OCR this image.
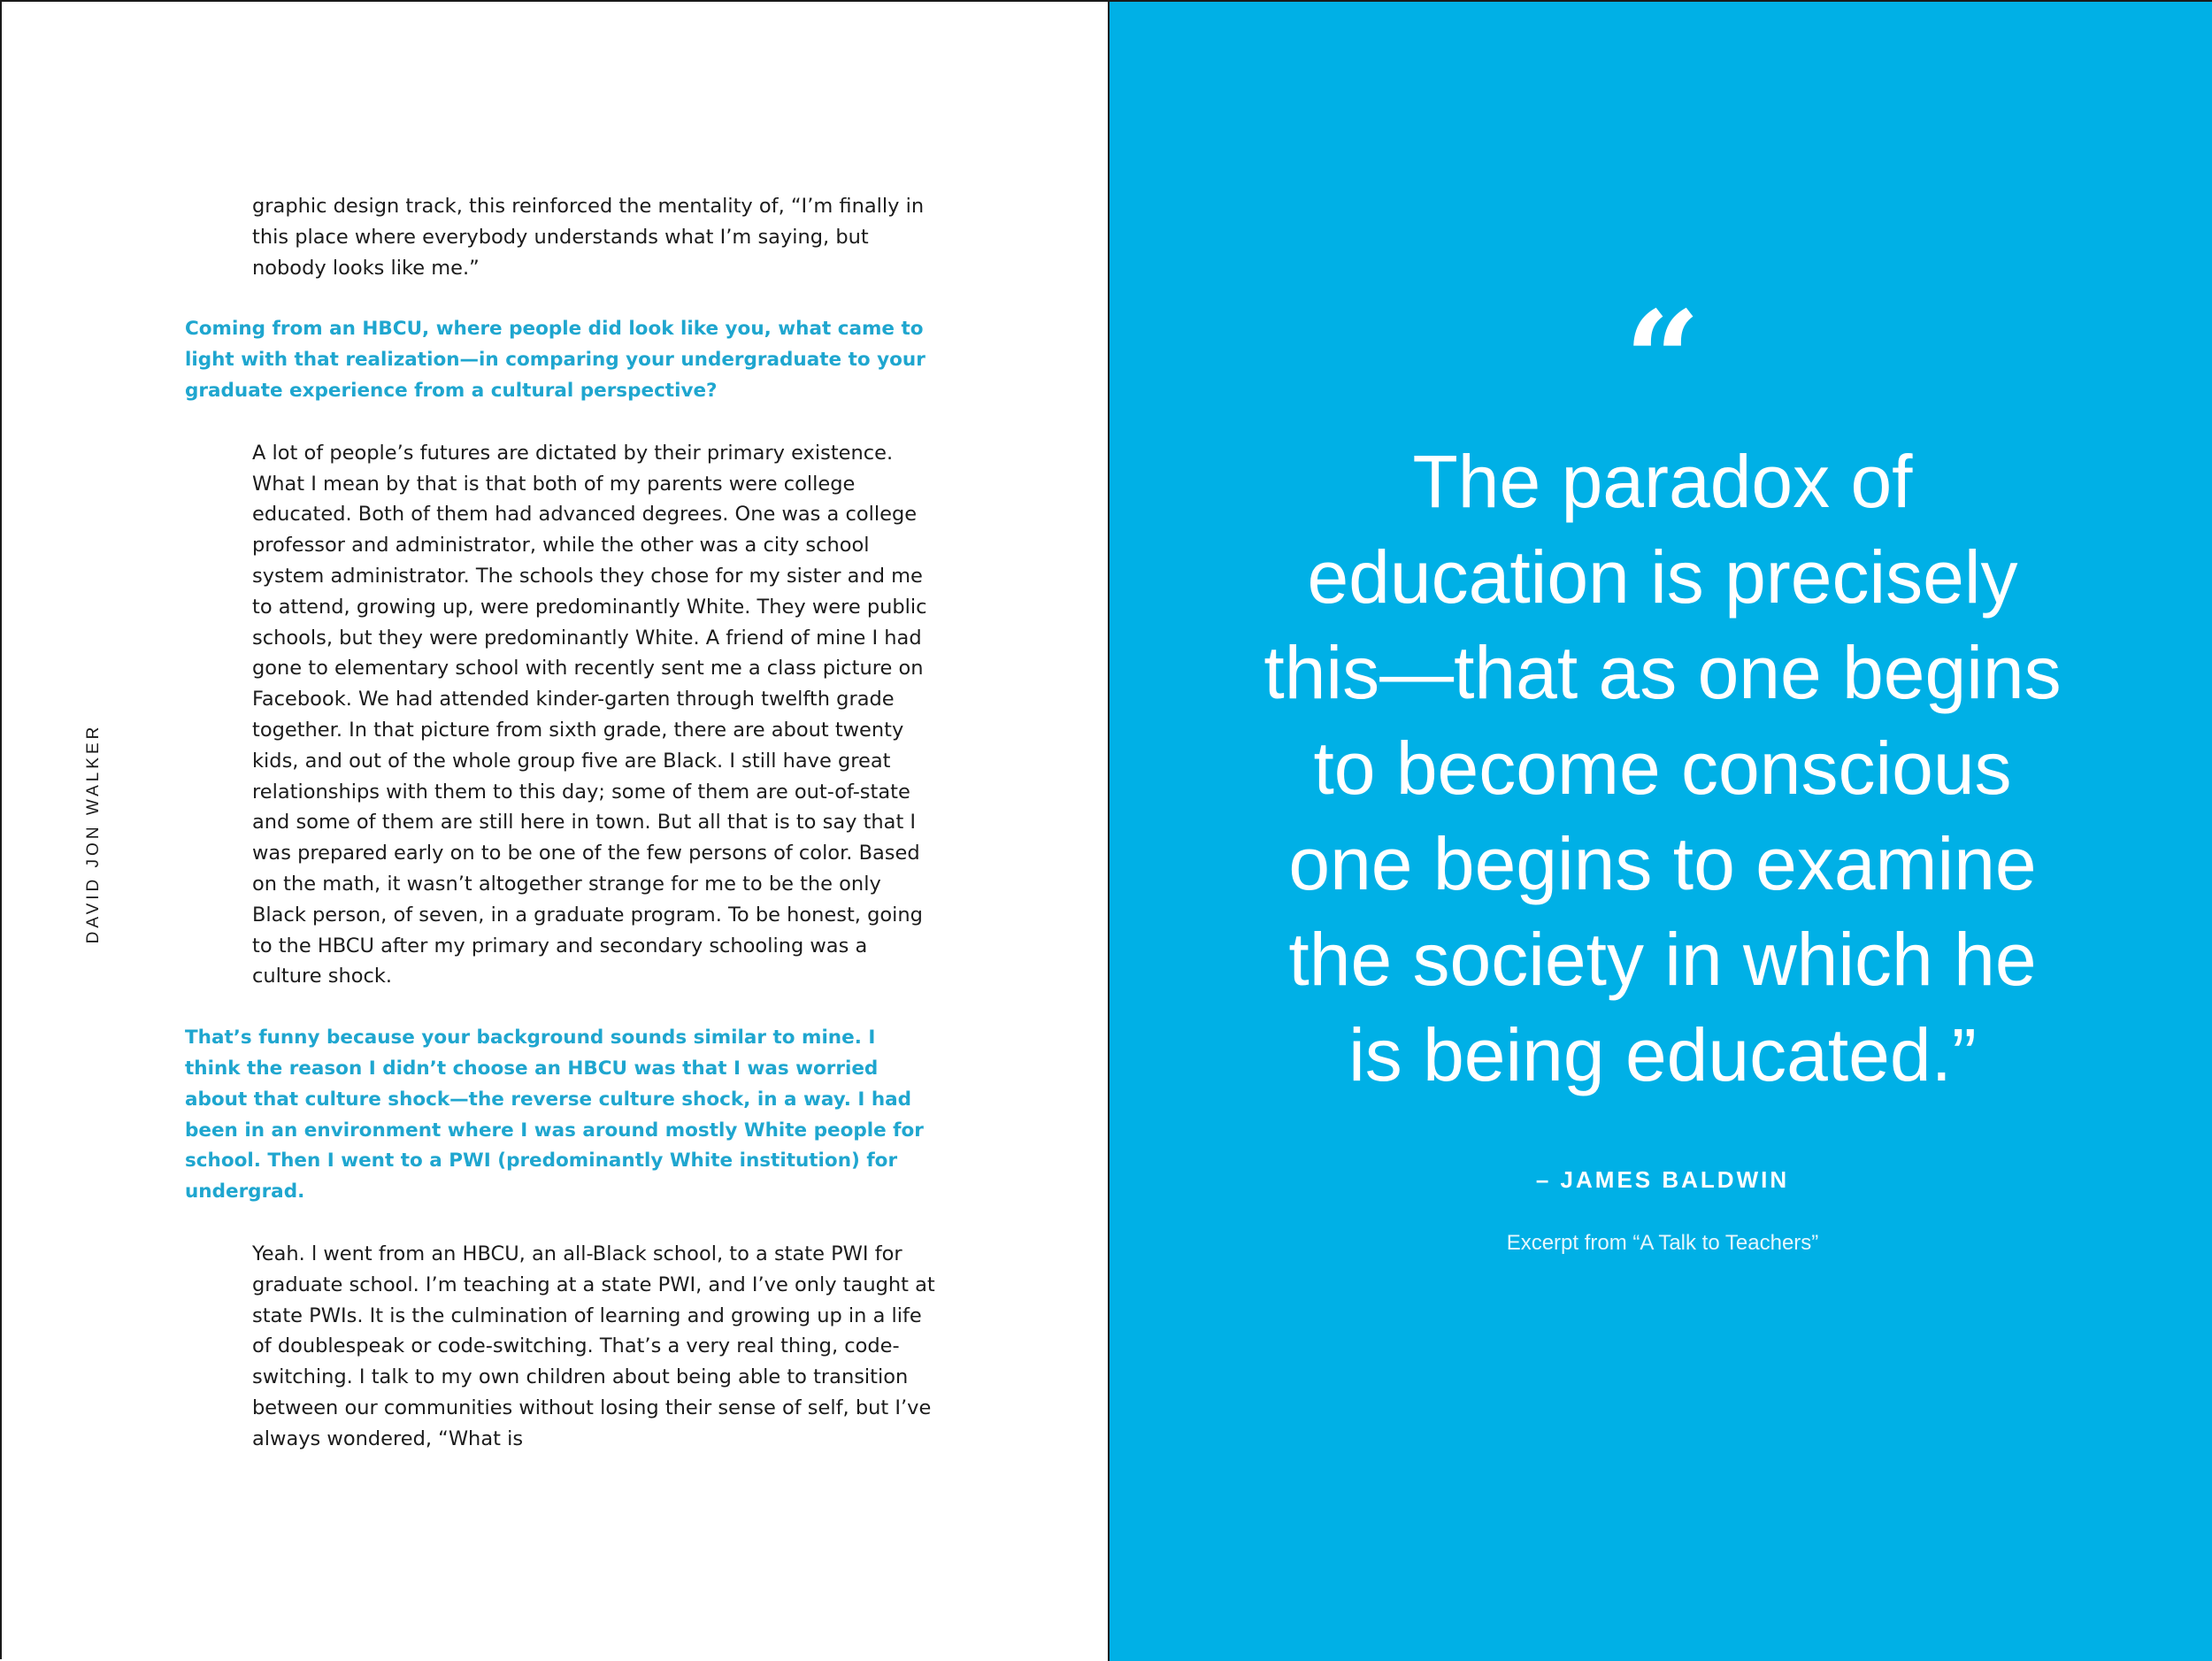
DAVID JON WALKER

graphic design track, this reinforced the mentality of, “I’m finally in this place where everybody understands what I’m saying, but nobody looks like me.”

Coming from an HBCU, where people did look like you, what came to light with that realization—in comparing your undergraduate to your graduate experience from a cultural perspective?

A lot of people’s futures are dictated by their primary existence. What I mean by that is that both of my parents were college educated. Both of them had advanced degrees. One was a college professor and administrator, while the other was a city school system administrator. The schools they chose for my sister and me to attend, growing up, were predominantly White. They were public schools, but they were predominantly White. A friend of mine I had gone to elementary school with recently sent me a class picture on Facebook. We had attended kinder-garten through twelfth grade together. In that picture from sixth grade, there are about twenty kids, and out of the whole group five are Black. I still have great relationships with them to this day; some of them are out-of-state and some of them are still here in town. But all that is to say that I was prepared early on to be one of the few persons of color. Based on the math, it wasn’t altogether strange for me to be the only Black person, of seven, in a graduate program. To be honest, going to the HBCU after my primary and secondary schooling was a culture shock.

That’s funny because your background sounds similar to mine. I think the reason I didn’t choose an HBCU was that I was worried about that culture shock—the reverse culture shock, in a way. I had been in an environment where I was around mostly White people for school. Then I went to a PWI (predominantly White institution) for undergrad.

Yeah. l went from an HBCU, an all-Black school, to a state PWI for graduate school. I’m teaching at a state PWI, and I’ve only taught at state PWIs. It is the culmination of learning and growing up in a life of doublespeak or code-switching. That’s a very real thing, code-switching. I talk to my own children about being able to transition between our communities without losing their sense of self, but I’ve always wondered, “What is

“

The paradox of
education is precisely
this—that as one begins
to become conscious
one begins to examine
the society in which he
is being educated.”

– JAMES BALDWIN
Excerpt from “A Talk to Teachers”
